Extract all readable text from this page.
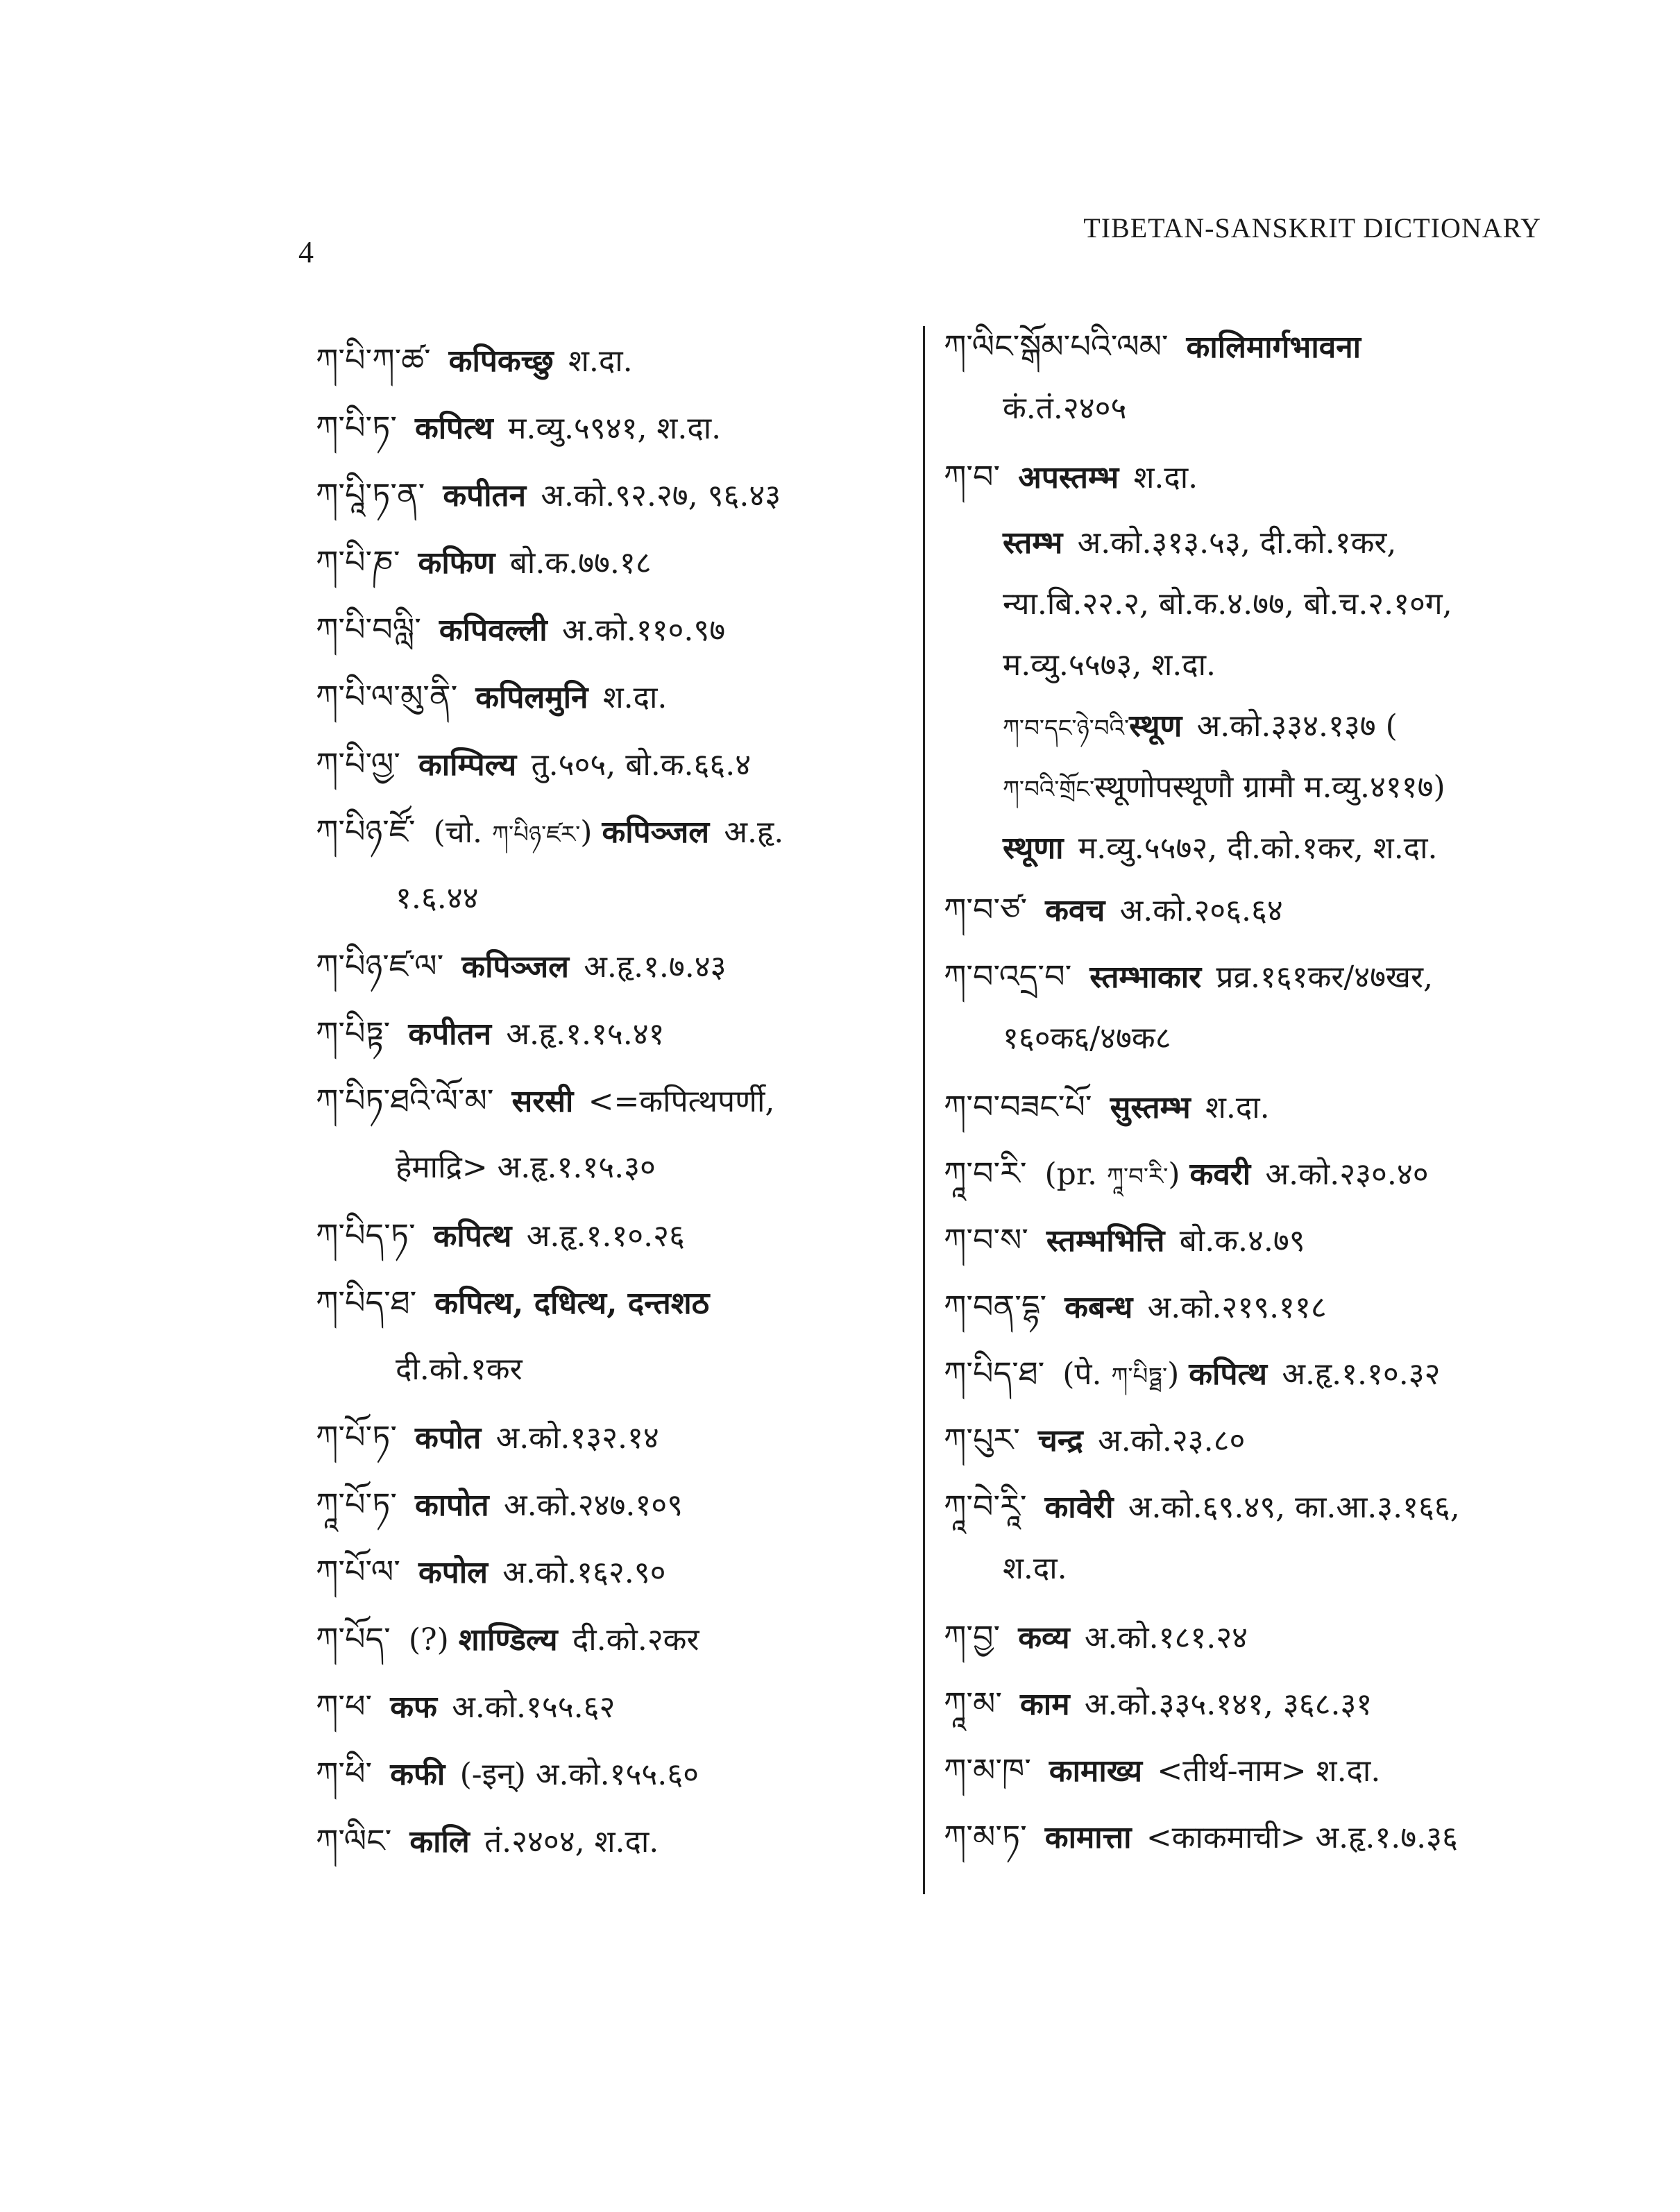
4
TIBETAN-SANSKRIT DICTIONARY
ཀ་པི་ཀ་ཚ་ कपिकच्छु श.दा.
ཀ་པི་ཏ་ कपित्थ म.व्यु.५९४१, श.दा.
ཀ་པཱི་ཏ་ན་ कपीतन अ.को.९२.२७, ९६.४३
ཀ་པི་ཎ་ कफिण बो.क.७७.१८
ཀ་པི་བལླི་ कपिवल्ली अ.को.११०.९७
ཀ་པི་ལ་མུ་ནི་ कपिलमुनि श.दा.
ཀ་པི་ལྱ་ काम्पिल्य तु.५०५, बो.क.६६.४
ཀ་པིཉ་ཛོ་ (चो. ཀ་པིཉ་ཛར་) कपिञ्जल अ.हृ.
१.६.४४
ཀ་པིཉ་ཛ་ལ་ कपिञ्जल अ.हृ.१.७.४३
ཀ་པིཏྟ་ कपीतन अ.हृ.१.१५.४१
ཀ་པིཏ་ཐའི་ལོ་མ་ सरसी <=कपित्थपर्णी,
हेमाद्रि> अ.हृ.१.१५.३०
ཀ་པིད་ཏ་ कपित्थ अ.हृ.१.१०.२६
ཀ་པིད་ཐ་ कपित्थ, दधित्थ, दन्तशठ
दी.को.१कर
ཀ་པོ་ཏ་ कपोत अ.को.१३२.१४
ཀཱ་པོ་ཏ་ कापोत अ.को.२४७.१०९
ཀ་པོ་ལ་ कपोल अ.को.१६२.९०
ཀ་པོད་ (?) शाण्डिल्य दी.को.२कर
ཀ་ཕ་ कफ अ.को.१५५.६२
ཀ་ཕི་ कफी (-इन्) अ.को.१५५.६०
ཀ་ལིང་ कालि तं.२४०४, श.दा.
ཀ་ལིང་སྒོམ་པའི་ལམ་ कालिमार्गभावना
कं.तं.२४०५
ཀ་བ་ अपस्तम्भ श.दा.
स्तम्भ अ.को.३१३.५३, दी.को.१कर,
न्या.बि.२२.२, बो.क.४.७७, बो.च.२.१०ग,
म.व्यु.५५७३, श.दा.
ཀ་བ་དང་ཉེ་བའི་स्थूण अ.को.३३४.१३७ (
ཀ་བའི་གྲོང་स्थूणोपस्थूणौ ग्रामौ म.व्यु.४११७)
स्थूणा म.व्यु.५५७२, दी.को.१कर, श.दा.
ཀ་བ་ཙ་ कवच अ.को.२०६.६४
ཀ་བ་འདྲ་བ་ स्तम्भाकार प्रव्र.१६१कर/४७खर,
१६०क६/४७क८
ཀ་བ་བཟང་པོ་ सुस्तम्भ श.दा.
ཀཱ་བ་རི་ (pr. ཀཱ་བ་རི་) कवरी अ.को.२३०.४०
ཀ་བ་ས་ स्तम्भभित्ति बो.क.४.७९
ཀ་བན་དྷ་ कबन्ध अ.को.२१९.११८
ཀ་པིད་ཐ་ (पे. ཀ་པིཏྠ་) कपित्थ अ.हृ.१.१०.३२
ཀ་པུར་ चन्द्र अ.को.२३.८०
ཀཱ་བེ་རཱི་ कावेरी अ.को.६९.४९, का.आ.३.१६६,
श.दा.
ཀ་བྱ་ कव्य अ.को.१८१.२४
ཀཱ་མ་ काम अ.को.३३५.१४१, ३६८.३१
ཀ་མ་ཁ་ कामाख्य <तीर्थ-नाम> श.दा.
ཀ་མ་ཏ་ कामात्ता <काकमाची> अ.हृ.१.७.३६
